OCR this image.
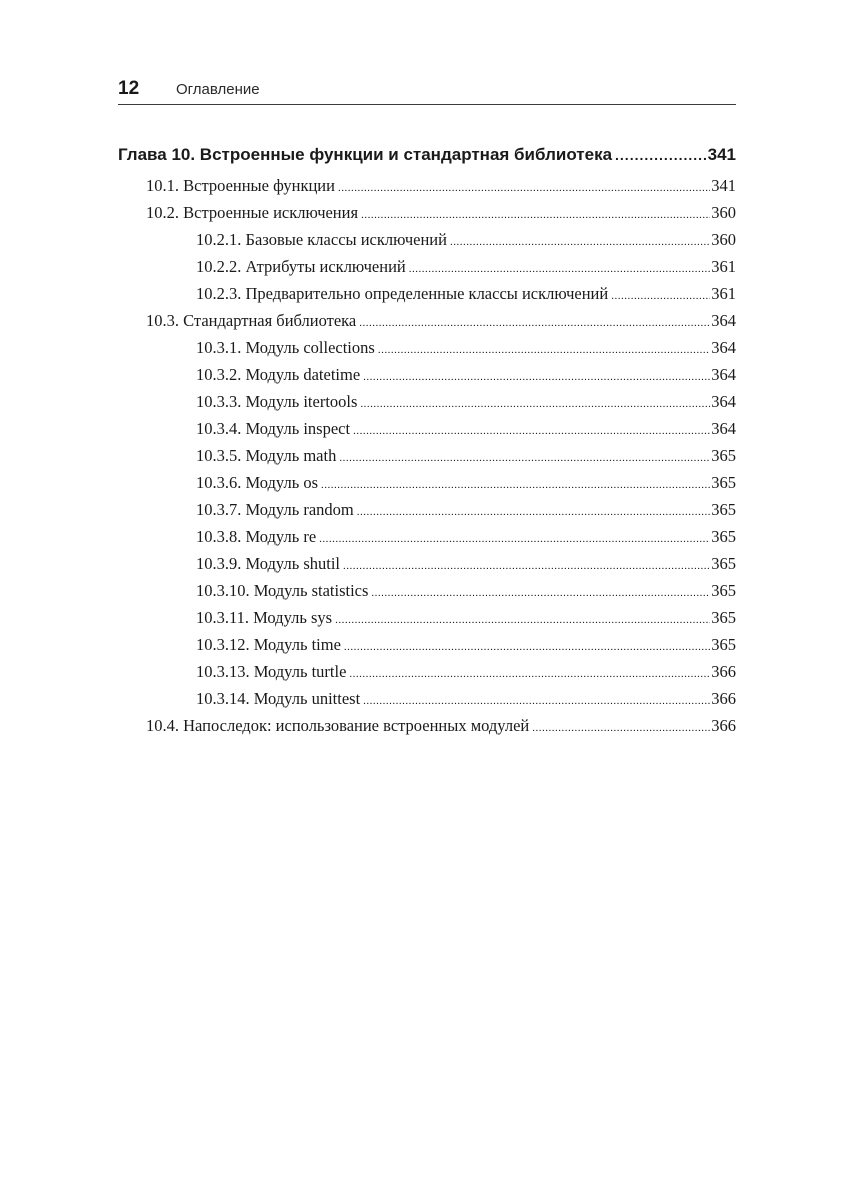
12 Оглавление
Глава 10. Встроенные функции и стандартная библиотека .....	341
10.1. Встроенные функции .....	341
10.2. Встроенные исключения .....	360
10.2.1. Базовые классы исключений .....	360
10.2.2. Атрибуты исключений .....	361
10.2.3. Предварительно определенные классы исключений .....	361
10.3. Стандартная библиотека .....	364
10.3.1. Модуль collections .....	364
10.3.2. Модуль datetime .....	364
10.3.3. Модуль itertools .....	364
10.3.4. Модуль inspect .....	364
10.3.5. Модуль math .....	365
10.3.6. Модуль os .....	365
10.3.7. Модуль random .....	365
10.3.8. Модуль re .....	365
10.3.9. Модуль shutil .....	365
10.3.10. Модуль statistics .....	365
10.3.11. Модуль sys .....	365
10.3.12. Модуль time .....	365
10.3.13. Модуль turtle .....	366
10.3.14. Модуль unittest .....	366
10.4. Напоследок: использование встроенных модулей .....	366
